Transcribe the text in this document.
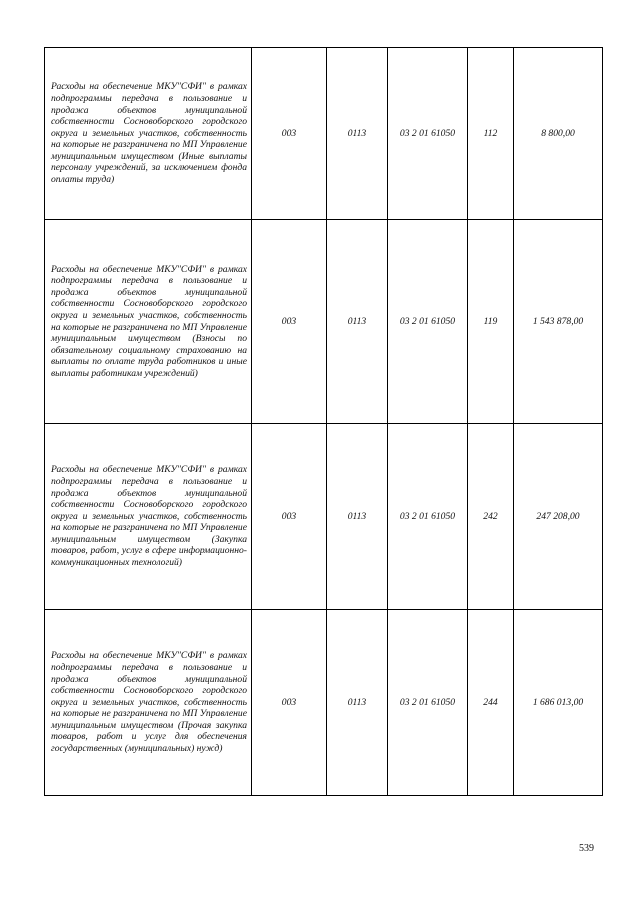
Расходы на обеспечение МКУ"СФИ" в рамках подпрограммы передача в пользование и продажа объектов муниципальной собственности Сосновоборского городского округа и земельных участков, собственность на которые не разграничена по МП Управление муниципальным имуществом (Иные выплаты персоналу учреждений, за исключением фонда оплаты труда)	003	0113	03 2 01 61050	112	8 800,00
Расходы на обеспечение МКУ"СФИ" в рамках подпрограммы передача в пользование и продажа объектов муниципальной собственности Сосновоборского городского округа и земельных участков, собственность на которые не разграничена по МП Управление муниципальным имуществом (Взносы по обязательному социальному страхованию на выплаты по оплате труда работников и иные выплаты работникам учреждений)	003	0113	03 2 01 61050	119	1 543 878,00
Расходы на обеспечение МКУ"СФИ" в рамках подпрограммы передача в пользование и продажа объектов муниципальной собственности Сосновоборского городского округа и земельных участков, собственность на которые не разграничена по МП Управление муниципальным имуществом (Закупка товаров, работ, услуг в сфере информационно-коммуникационных технологий)	003	0113	03 2 01 61050	242	247 208,00
Расходы на обеспечение МКУ"СФИ" в рамках подпрограммы передача в пользование и продажа объектов муниципальной собственности Сосновоборского городского округа и земельных участков, собственность на которые не разграничена по МП Управление муниципальным имуществом (Прочая закупка товаров, работ и услуг для обеспечения государственных (муниципальных) нужд)	003	0113	03 2 01 61050	244	1 686 013,00
539
